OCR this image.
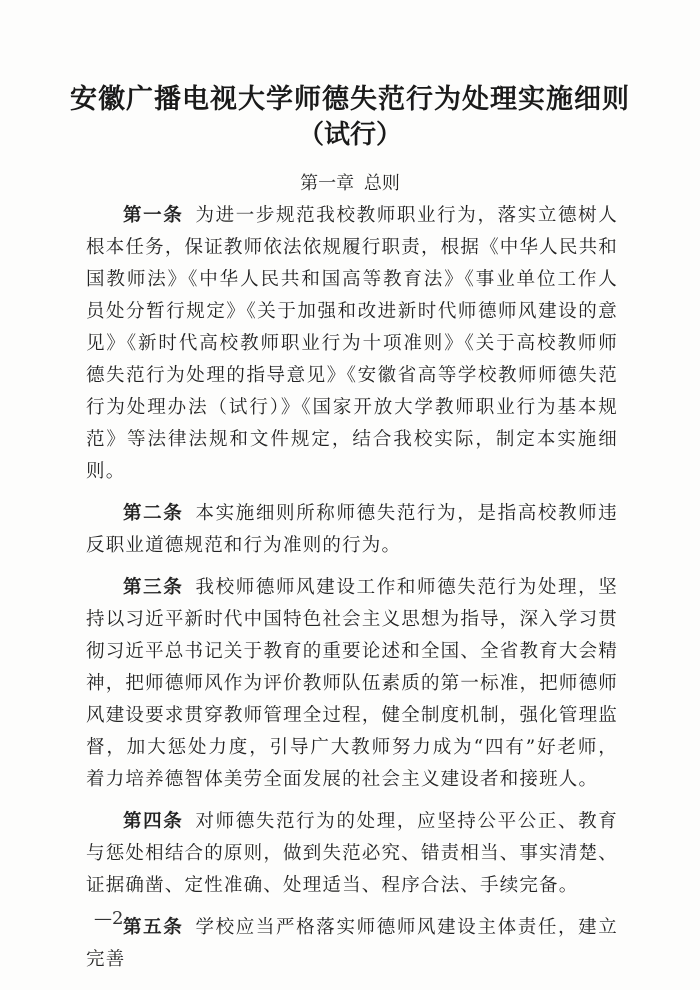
安徽广播电视大学师德失范行为处理实施细则
（试行）
第一章 总则

第一条 为进一步规范我校教师职业行为，落实立德树人根本任务，保证教师依法依规履行职责，根据《中华人民共和国教师法》《中华人民共和国高等教育法》《事业单位工作人员处分暂行规定》《关于加强和改进新时代师德师风建设的意见》《新时代高校教师职业行为十项准则》《关于高校教师师德失范行为处理的指导意见》《安徽省高等学校教师师德失范行为处理办法（试行）》《国家开放大学教师职业行为基本规范》等法律法规和文件规定，结合我校实际，制定本实施细则。

第二条 本实施细则所称师德失范行为，是指高校教师违反职业道德规范和行为准则的行为。

第三条 我校师德师风建设工作和师德失范行为处理，坚持以习近平新时代中国特色社会主义思想为指导，深入学习贯彻习近平总书记关于教育的重要论述和全国、全省教育大会精神，把师德师风作为评价教师队伍素质的第一标准，把师德师风建设要求贯穿教师管理全过程，健全制度机制，强化管理监督，加大惩处力度，引导广大教师努力成为“四有”好老师，着力培养德智体美劳全面发展的社会主义建设者和接班人。

第四条 对师德失范行为的处理，应坚持公平公正、教育与惩处相结合的原则，做到失范必究、错责相当、事实清楚、证据确凿、定性准确、处理适当、程序合法、手续完备。

第五条 学校应当严格落实师德师风建设主体责任，建立完善

—2—
